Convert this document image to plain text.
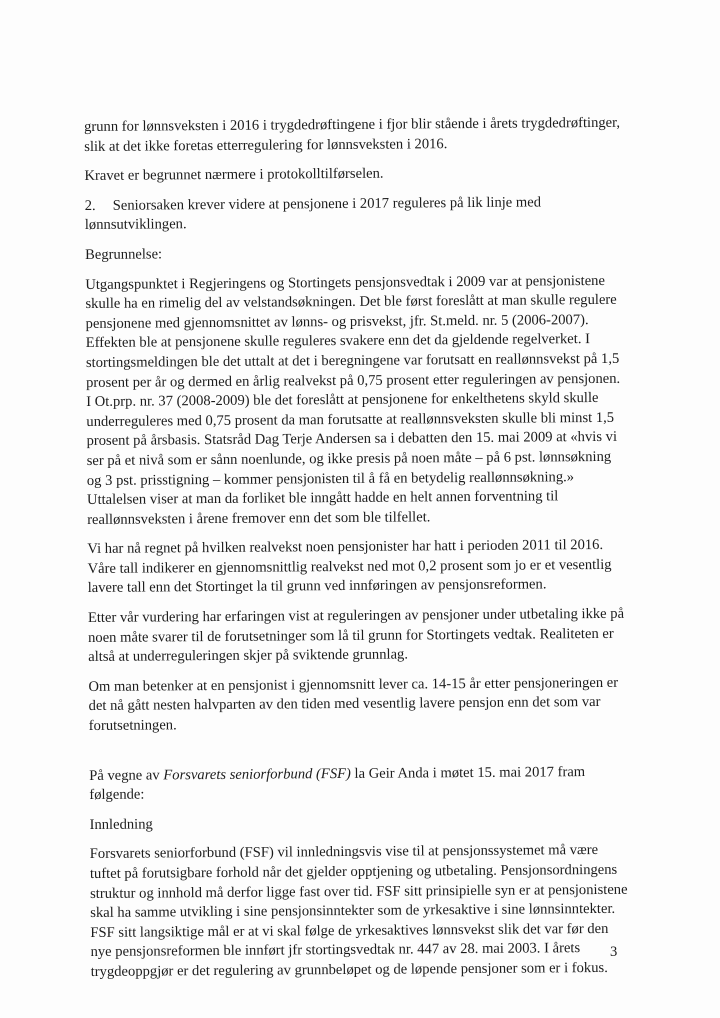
grunn for lønnsveksten i 2016 i trygdedrøftingene i fjor blir stående i årets trygdedrøftinger, slik at det ikke foretas etterregulering for lønnsveksten i 2016.

Kravet er begrunnet nærmere i protokolltilførselen.

2. Seniorsaken krever videre at pensjonene i 2017 reguleres på lik linje med lønnsutviklingen.

Begrunnelse:

Utgangspunktet i Regjeringens og Stortingets pensjonsvedtak i 2009 var at pensjonistene skulle ha en rimelig del av velstandsøkningen. Det ble først foreslått at man skulle regulere pensjonene med gjennomsnittet av lønns- og prisvekst, jfr. St.meld. nr. 5 (2006-2007). Effekten ble at pensjonene skulle reguleres svakere enn det da gjeldende regelverket. I stortingsmeldingen ble det uttalt at det i beregningene var forutsatt en reallønnsvekst på 1,5 prosent per år og dermed en årlig realvekst på 0,75 prosent etter reguleringen av pensjonen. I Ot.prp. nr. 37 (2008-2009) ble det foreslått at pensjonene for enkelthetens skyld skulle underreguleres med 0,75 prosent da man forutsatte at reallønnsveksten skulle bli minst 1,5 prosent på årsbasis. Statsråd Dag Terje Andersen sa i debatten den 15. mai 2009 at «hvis vi ser på et nivå som er sånn noenlunde, og ikke presis på noen måte – på 6 pst. lønnsøkning og 3 pst. prisstigning – kommer pensjonisten til å få en betydelig reallønnsøkning.» Uttalelsen viser at man da forliket ble inngått hadde en helt annen forventning til reallønnsveksten i årene fremover enn det som ble tilfellet.

Vi har nå regnet på hvilken realvekst noen pensjonister har hatt i perioden 2011 til 2016. Våre tall indikerer en gjennomsnittlig realvekst ned mot 0,2 prosent som jo er et vesentlig lavere tall enn det Stortinget la til grunn ved innføringen av pensjonsreformen.

Etter vår vurdering har erfaringen vist at reguleringen av pensjoner under utbetaling ikke på noen måte svarer til de forutsetninger som lå til grunn for Stortingets vedtak. Realiteten er altså at underreguleringen skjer på sviktende grunnlag.

Om man betenker at en pensjonist i gjennomsnitt lever ca. 14-15 år etter pensjoneringen er det nå gått nesten halvparten av den tiden med vesentlig lavere pensjon enn det som var forutsetningen.

På vegne av Forsvarets seniorforbund (FSF) la Geir Anda i møtet 15. mai 2017 fram følgende:

Innledning

Forsvarets seniorforbund (FSF) vil innledningsvis vise til at pensjonssystemet må være tuftet på forutsigbare forhold når det gjelder opptjening og utbetaling. Pensjonsordningens struktur og innhold må derfor ligge fast over tid. FSF sitt prinsipielle syn er at pensjonistene skal ha samme utvikling i sine pensjonsinntekter som de yrkesaktive i sine lønnsinntekter. FSF sitt langsiktige mål er at vi skal følge de yrkesaktives lønnsvekst slik det var før den nye pensjonsreformen ble innført jfr stortingsvedtak nr. 447 av 28. mai 2003. I årets trygdeoppgjør er det regulering av grunnbeløpet og de løpende pensjoner som er i fokus.

3
